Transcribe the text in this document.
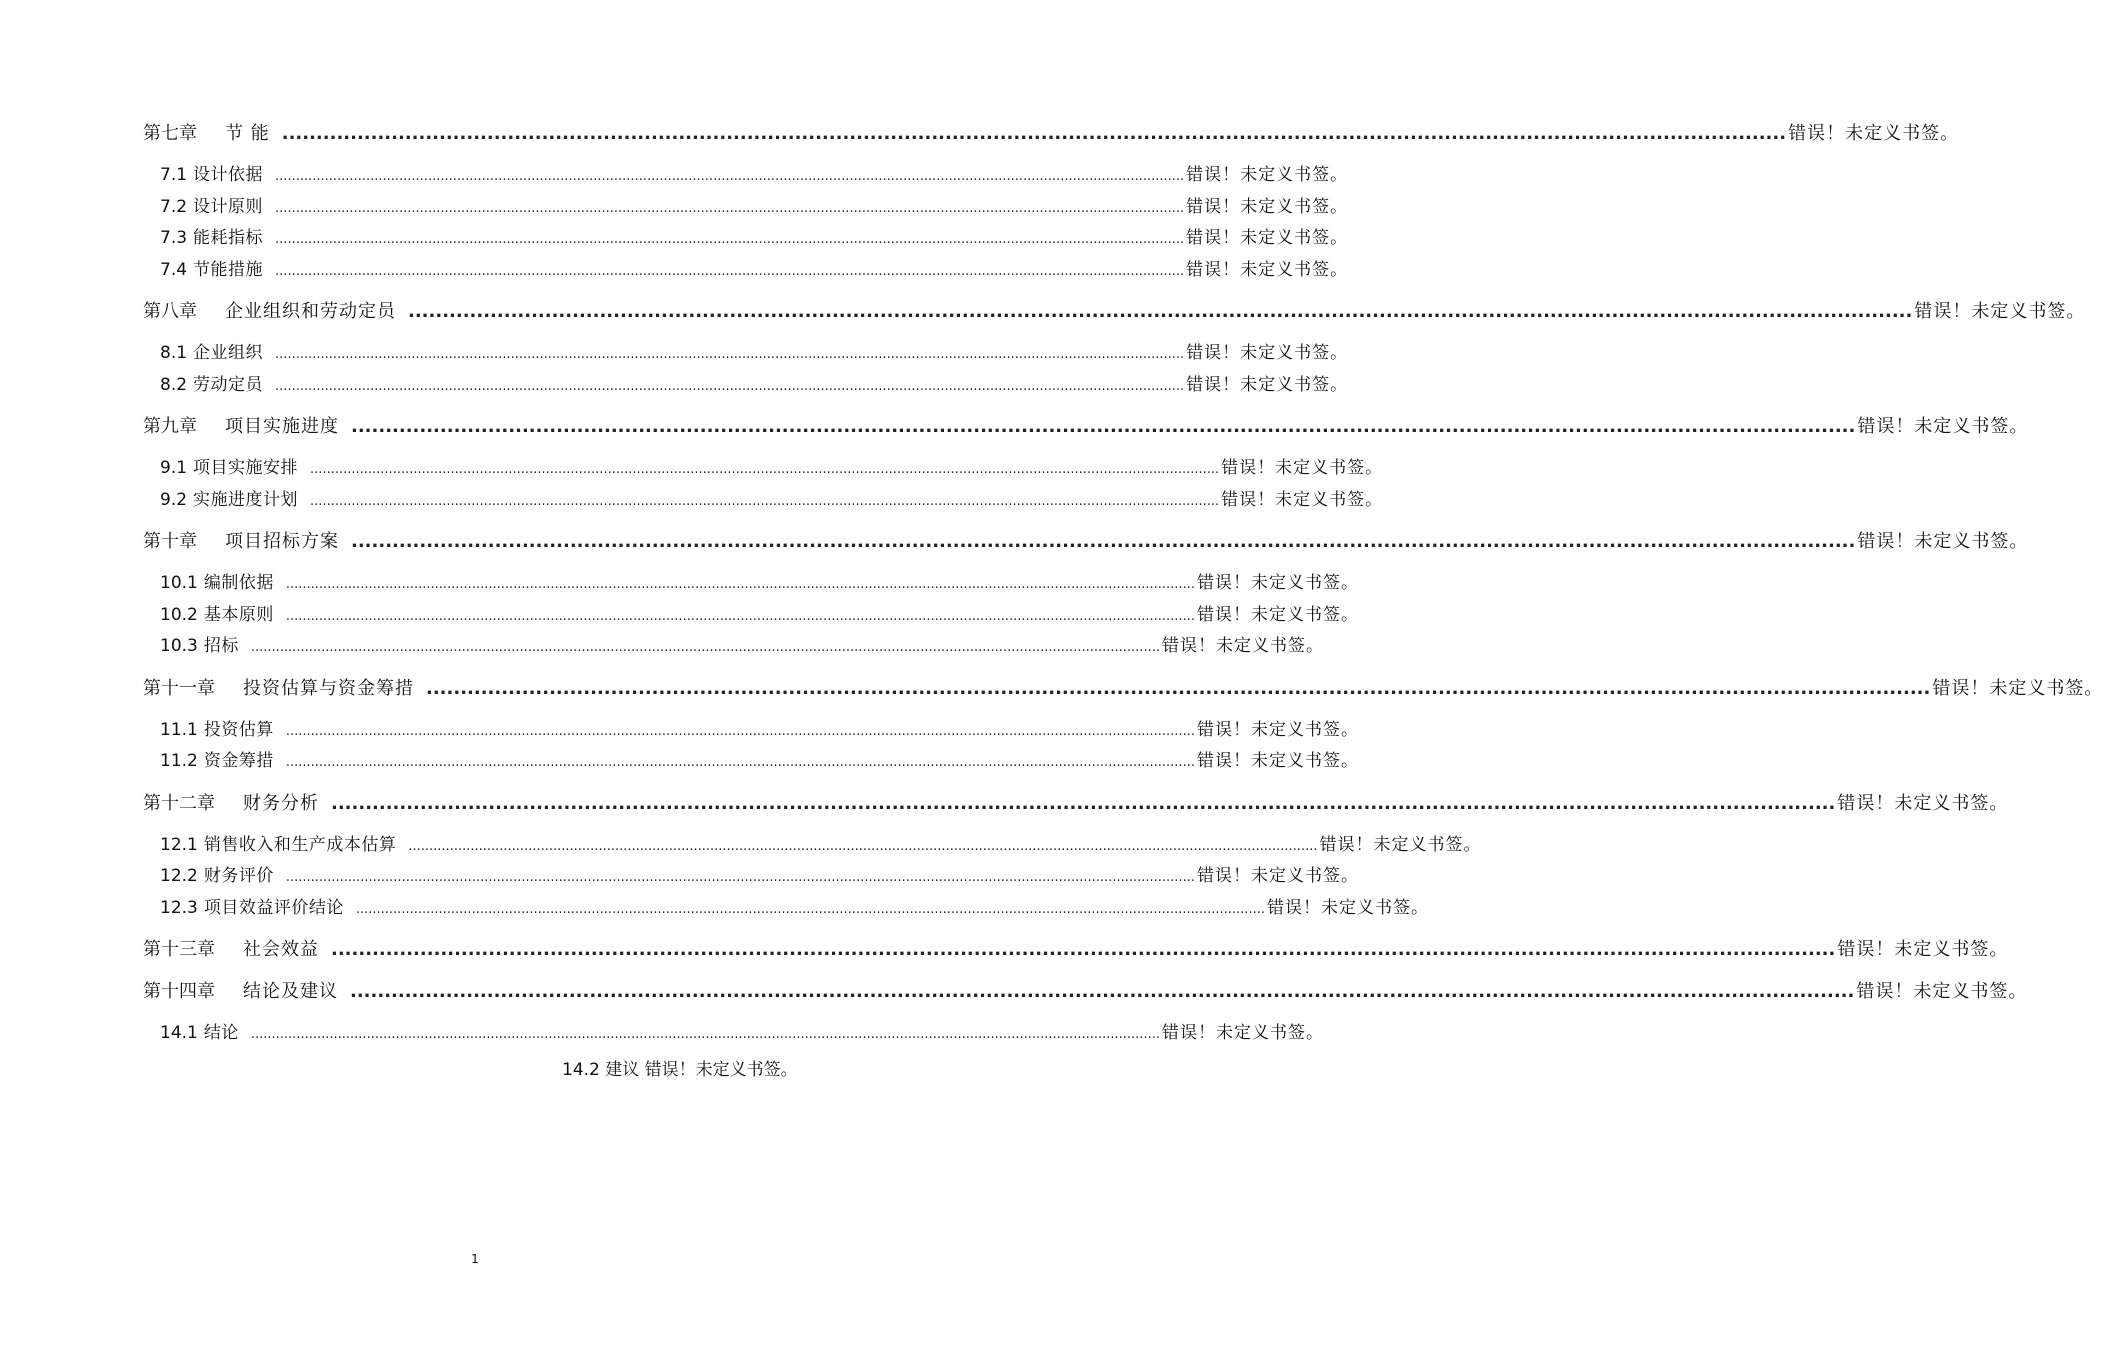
第七章 节 能 ............................................................................................................................................................................................................................ 错误！未定义书签。
7.1 设计依据 ............................................................................................................................................................................................................................ 错误！未定义书签。
7.2 设计原则 ............................................................................................................................................................................................................................ 错误！未定义书签。
7.3 能耗指标 ............................................................................................................................................................................................................................ 错误！未定义书签。
7.4 节能措施 ............................................................................................................................................................................................................................ 错误！未定义书签。
第八章 企业组织和劳动定员 ............................................................................................................................................................................................................................ 错误！未定义书签。
8.1 企业组织 ............................................................................................................................................................................................................................ 错误！未定义书签。
8.2 劳动定员 ............................................................................................................................................................................................................................ 错误！未定义书签。
第九章 项目实施进度 ............................................................................................................................................................................................................................ 错误！未定义书签。
9.1 项目实施安排 ............................................................................................................................................................................................................................ 错误！未定义书签。
9.2 实施进度计划 ............................................................................................................................................................................................................................ 错误！未定义书签。
第十章 项目招标方案 ............................................................................................................................................................................................................................ 错误！未定义书签。
10.1 编制依据 ............................................................................................................................................................................................................................ 错误！未定义书签。
10.2 基本原则 ............................................................................................................................................................................................................................ 错误！未定义书签。
10.3 招标 ............................................................................................................................................................................................................................ 错误！未定义书签。
第十一章 投资估算与资金筹措 ............................................................................................................................................................................................................................ 错误！未定义书签。
11.1 投资估算 ............................................................................................................................................................................................................................ 错误！未定义书签。
11.2 资金筹措 ............................................................................................................................................................................................................................ 错误！未定义书签。
第十二章 财务分析 ............................................................................................................................................................................................................................ 错误！未定义书签。
12.1 销售收入和生产成本估算 ............................................................................................................................................................................................................................ 错误！未定义书签。
12.2 财务评价 ............................................................................................................................................................................................................................ 错误！未定义书签。
12.3 项目效益评价结论 ............................................................................................................................................................................................................................ 错误！未定义书签。
第十三章 社会效益 ............................................................................................................................................................................................................................ 错误！未定义书签。
第十四章 结论及建议 ............................................................................................................................................................................................................................ 错误！未定义书签。
14.1 结论 ............................................................................................................................................................................................................................ 错误！未定义书签。
14.2 建议 错误！未定义书签。
1
